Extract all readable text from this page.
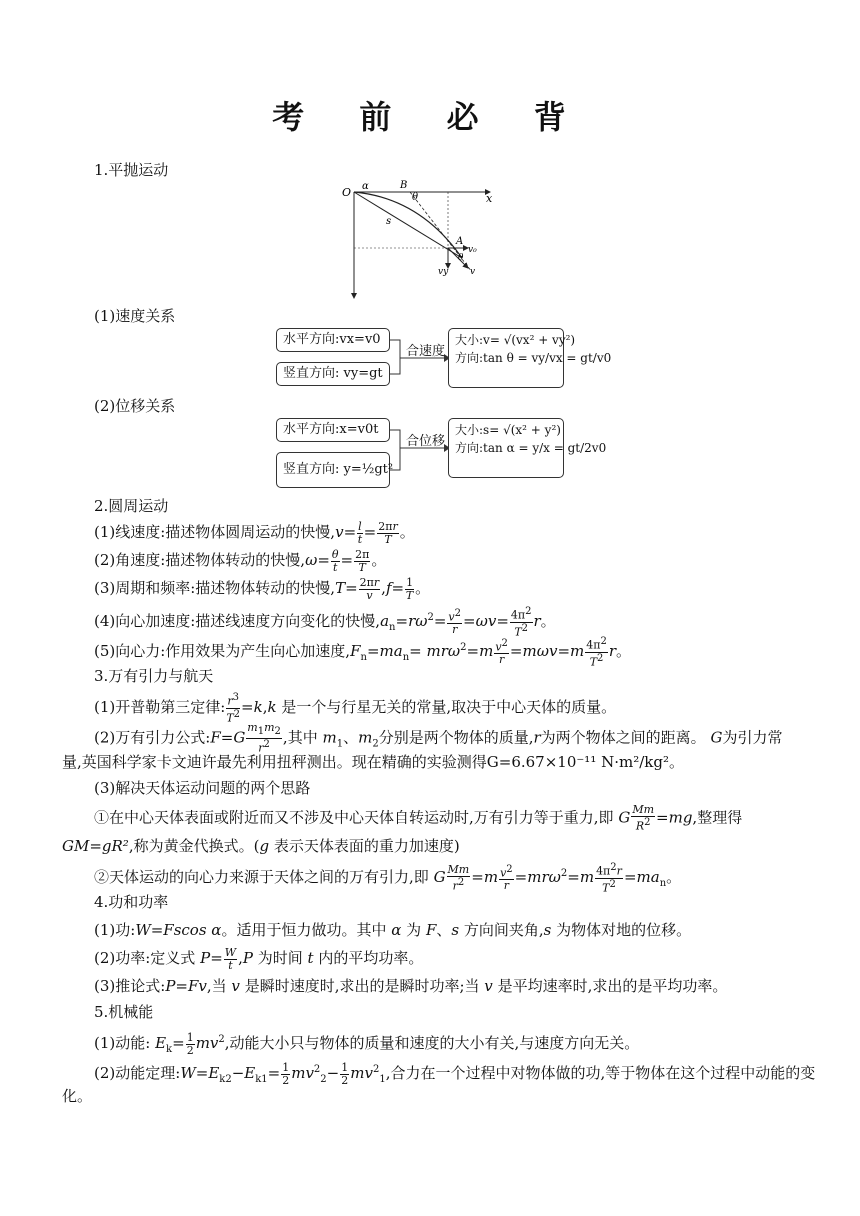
考 前 必 背
1.平抛运动
O α	B
θ	x
s
A
v₀
θ
vy v
(1)速度关系
水平方向:vx=v0
竖直方向: vy=gt
合速度
大小:v= √(vx² + vy²)
方向:tan θ = vy/vx = gt/v0
(2)位移关系
水平方向:x=v0t
竖直方向: y=½gt²
合位移
大小:s= √(x² + y²)
方向:tan α = y/x = gt/2v0
2.圆周运动
(1)线速度:描述物体圆周运动的快慢$,v= \frac{l}{t} = \frac{2\pi r}{T}$ 。
(2)角速度:描述物体转动的快慢$,\omega= \frac{\theta}{t} = \frac{2\pi}{T}$ 。
(3)周期和频率:描述物体转动的快慢$,T= \frac{2\pi r}{v} ,f= \frac{1}{T}$ 。
(4)向心加速度:描述线速度方向变化的快慢$,a_n=r\omega^2= \frac{v^2}{r} =\omega v= \frac{4\pi^2}{T^2}$ r。
(5)向心力:作用效果为产生向心加速度$,F_n=ma_n= mr\omega^2=m \frac{v^2}{r} =m\omega v=m \frac{4\pi^2}{T^2}$ r。
3.万有引力与航天
(1)开普勒第三定律: $\frac{r^3}{T^2} =k,k$ 是一个与行星无关的常量,取决于中心天体的质量。
(2)万有引力公式:F=G $\frac{m_1m_2}{r^2}$ ,其中 $m_1$、$m_2$分别是两个物体的质量,r为两个物体之间的距离。 G为引力常
量,英国科学家卡文迪许最先利用扭秤测出。现在精确的实验测得G=6.67×10⁻¹¹ N·m²/kg²。
(3)解决天体运动问题的两个思路
①在中心天体表面或附近而又不涉及中心天体自转运动时,万有引力等于重力,即 G $\frac{Mm}{R^2} =mg$,整理得
GM=gR²,称为黄金代换式。(g 表示天体表面的重力加速度)
②天体运动的向心力来源于天体之间的万有引力,即 G $\frac{Mm}{r^2} =m \frac{v^2}{r} =mr\omega^2=m \frac{4\pi^2r}{T^2} =ma_n$。
4.功和功率
(1)功:W=Fscos α。适用于恒力做功。其中 α 为 F、s 方向间夹角,s 为物体对地的位移。
(2)功率:定义式 $P= \frac{W}{t} ,P$ 为时间 t 内的平均功率。
(3)推论式:P=Fv,当 v 是瞬时速度时,求出的是瞬时功率;当 v 是平均速率时,求出的是平均功率。
5.机械能
(1)动能: $E_k= \frac{1}{2} mv^2$,动能大小只与物体的质量和速度的大小有关,与速度方向无关。
(2)动能定理$:W=E_{k2}-E_{k1}= \frac{1}{2} mv^2_2- \frac{1}{2} mv^2_1$,合力在一个过程中对物体做的功,等于物体在这个过程中动能的变
化。
